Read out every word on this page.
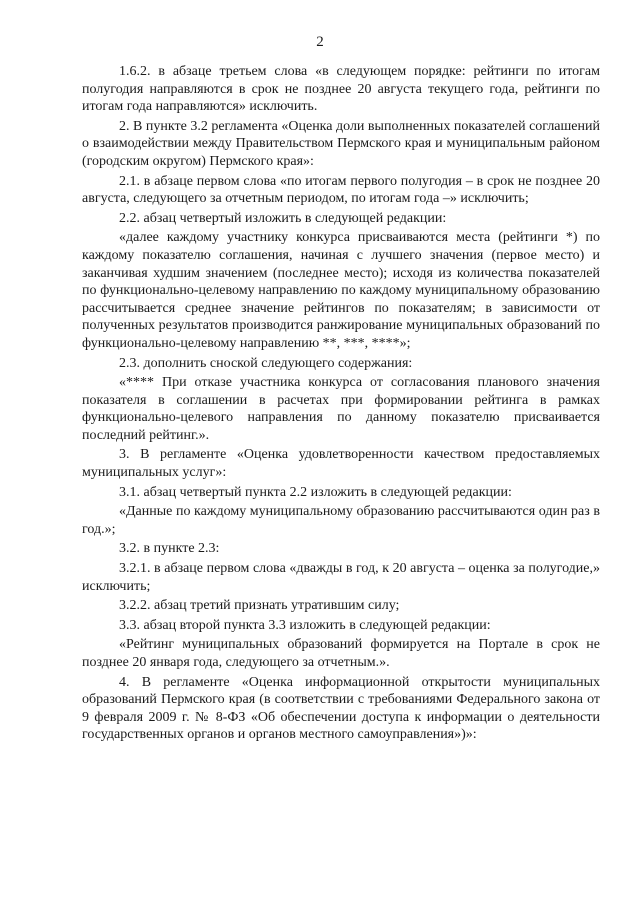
2

1.6.2. в абзаце третьем слова «в следующем порядке: рейтинги по итогам полугодия направляются в срок не позднее 20 августа текущего года, рейтинги по итогам года направляются» исключить.

2. В пункте 3.2 регламента «Оценка доли выполненных показателей соглашений о взаимодействии между Правительством Пермского края и муниципальным районом (городским округом) Пермского края»:

2.1. в абзаце первом слова «по итогам первого полугодия – в срок не позднее 20 августа, следующего за отчетным периодом, по итогам года –» исключить;

2.2. абзац четвертый изложить в следующей редакции:

«далее каждому участнику конкурса присваиваются места (рейтинги *) по каждому показателю соглашения, начиная с лучшего значения (первое место) и заканчивая худшим значением (последнее место); исходя из количества показателей по функционально-целевому направлению по каждому муниципальному образованию рассчитывается среднее значение рейтингов по показателям; в зависимости от полученных результатов производится ранжирование муниципальных образований по функционально-целевому направлению **, ***, ****»;

2.3. дополнить сноской следующего содержания:

«**** При отказе участника конкурса от согласования планового значения показателя в соглашении в расчетах при формировании рейтинга в рамках функционально-целевого направления по данному показателю присваивается последний рейтинг.».

3. В регламенте «Оценка удовлетворенности качеством предоставляемых муниципальных услуг»:

3.1. абзац четвертый пункта 2.2 изложить в следующей редакции:

«Данные по каждому муниципальному образованию рассчитываются один раз в год.»;

3.2. в пункте 2.3:

3.2.1. в абзаце первом слова «дважды в год, к 20 августа – оценка за полугодие,» исключить;

3.2.2. абзац третий признать утратившим силу;

3.3. абзац второй пункта 3.3 изложить в следующей редакции:

«Рейтинг муниципальных образований формируется на Портале в срок не позднее 20 января года, следующего за отчетным.».

4. В регламенте «Оценка информационной открытости муниципальных образований Пермского края (в соответствии с требованиями Федерального закона от 9 февраля 2009 г. № 8-ФЗ «Об обеспечении доступа к информации о деятельности государственных органов и органов местного самоуправления»)»:
